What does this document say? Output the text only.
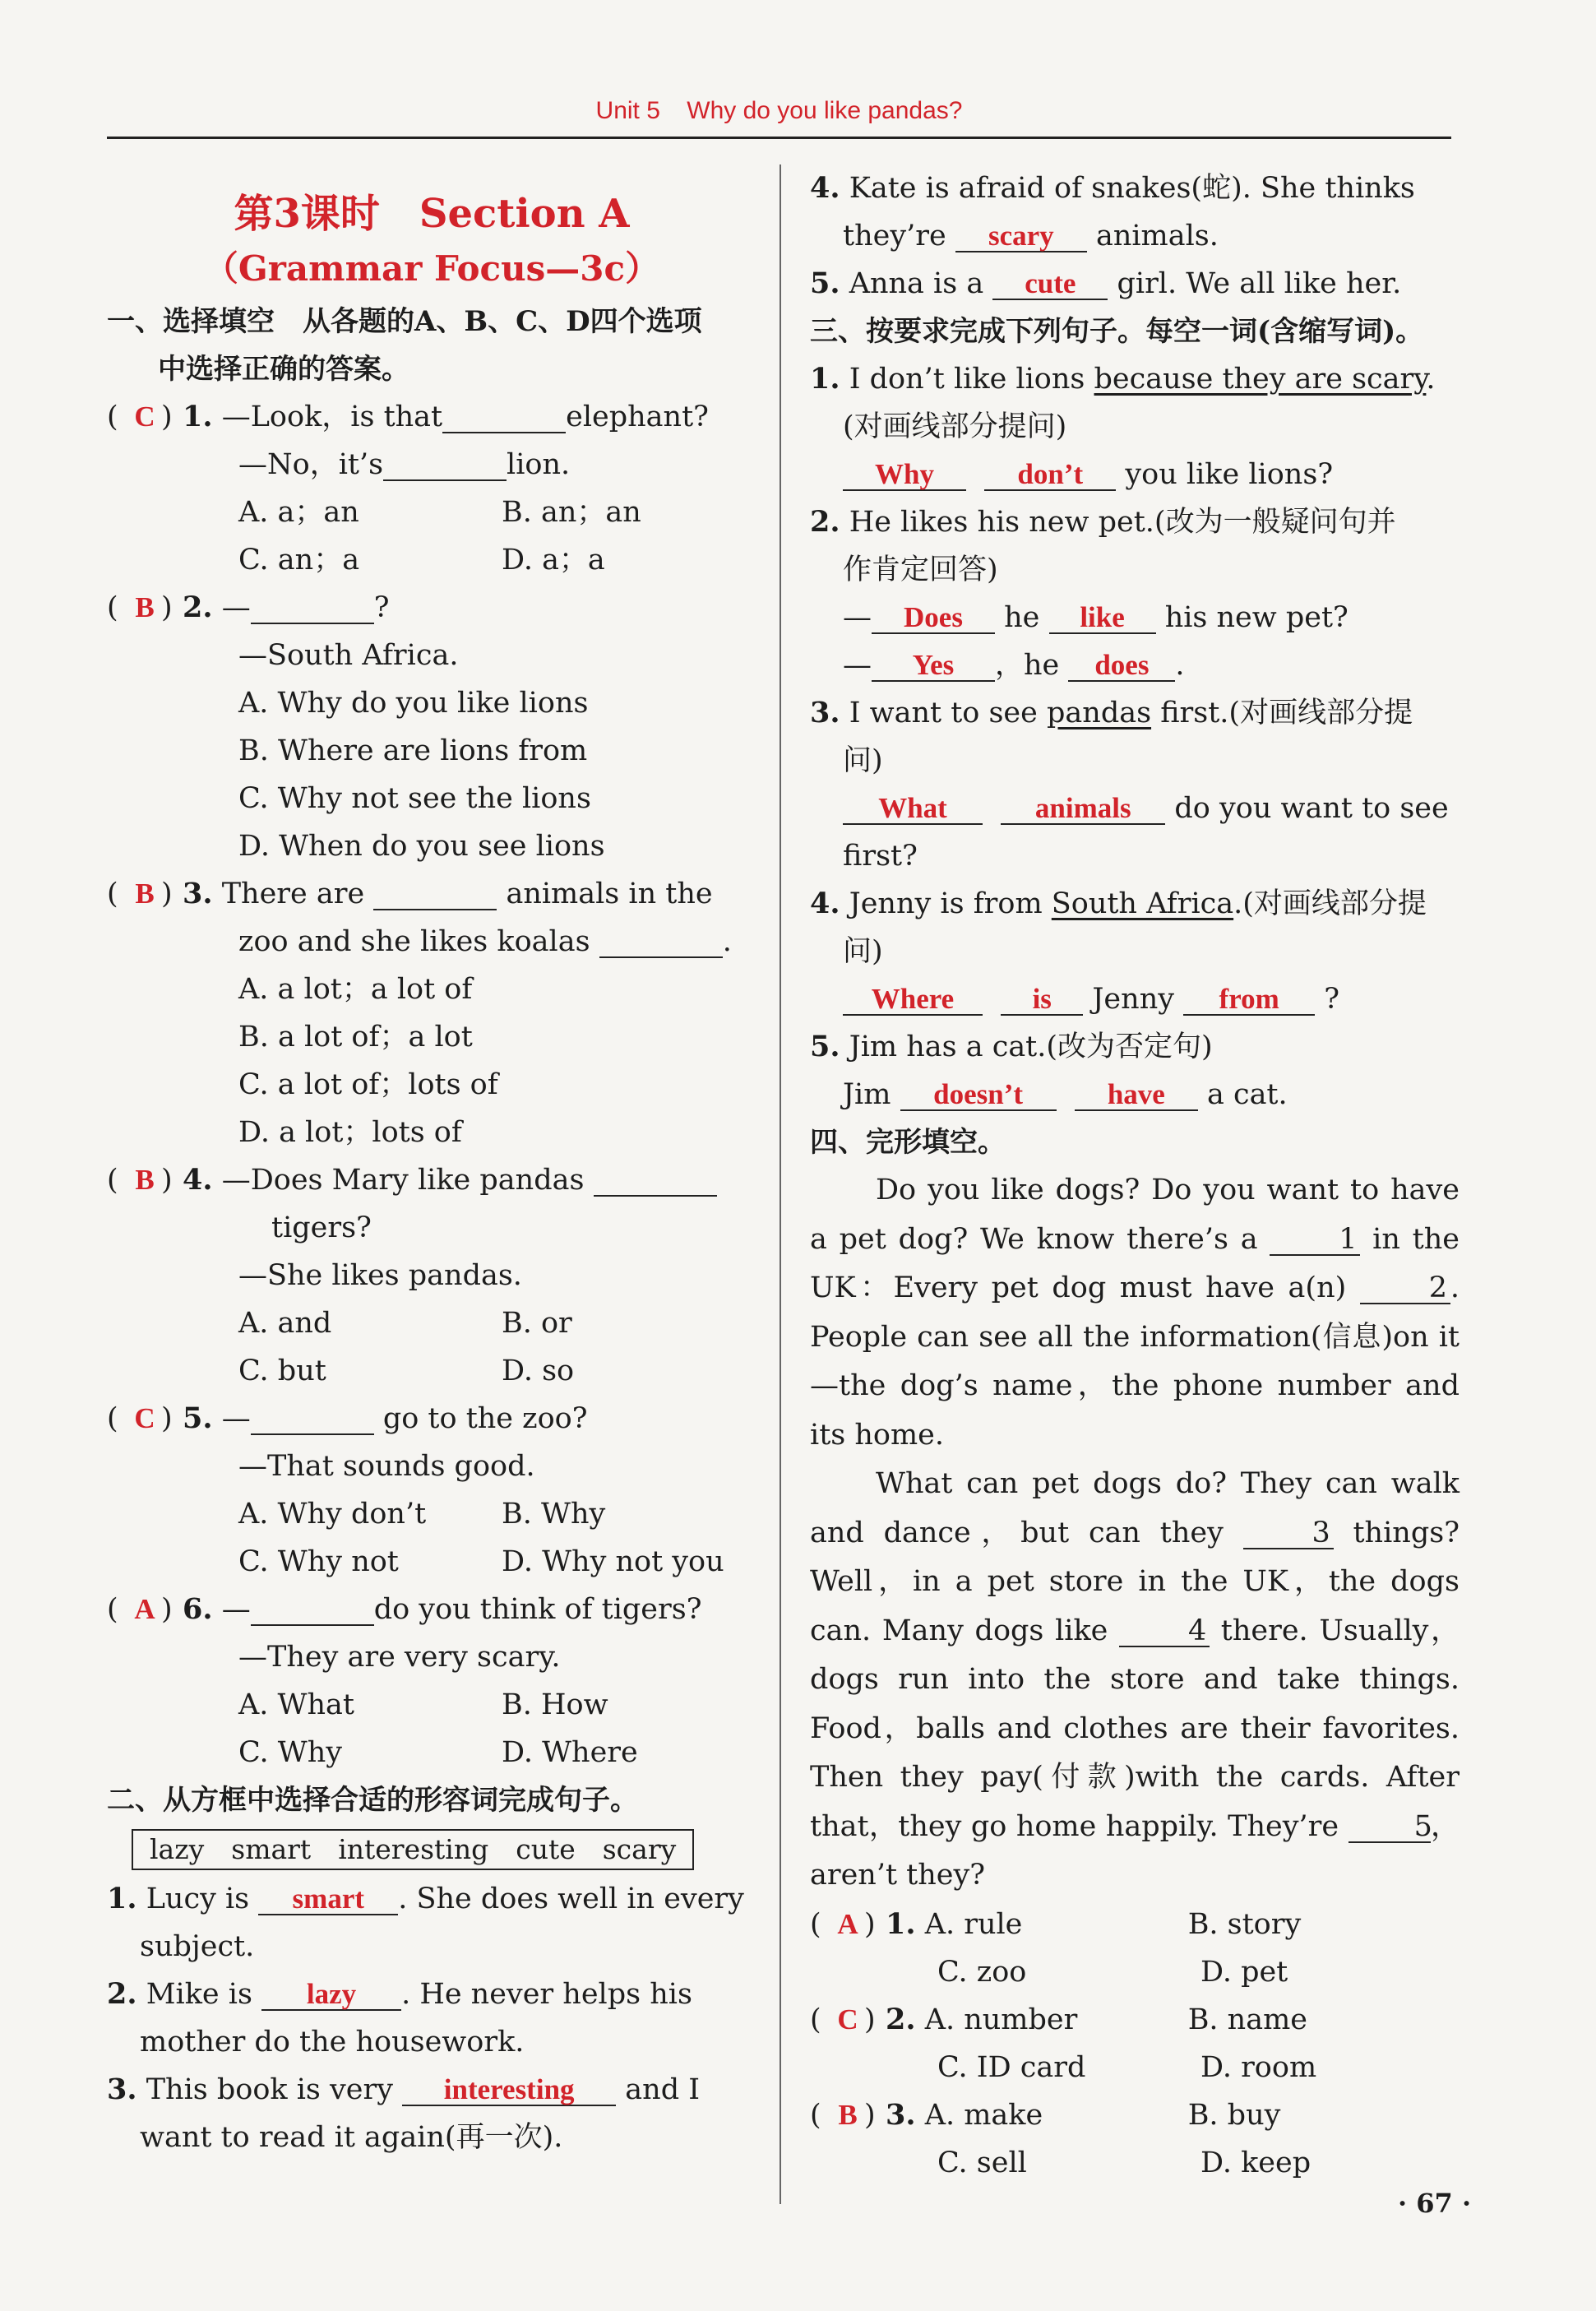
Unit 5 Why do you like pandas?
第3课时　Section A
（Grammar Focus—3c）
一、选择填空　从各题的A、B、C、D四个选项
中选择正确的答案。
( C ) 1. —Look，is that	elephant?
—No，it’s	lion.
A. a；an	B. an；an
C. an；a	D. a；a
( B ) 2. —	?
—South Africa.
A. Why do you like lions
B. Where are lions from
C. Why not see the lions
D. When do you see lions
( B ) 3. There are	animals in the
zoo and she likes koalas	.
A. a lot；a lot of
B. a lot of；a lot
C. a lot of；lots of
D. a lot；lots of
( B ) 4. —Does Mary like pandas
tigers?
—She likes pandas.
A. and	B. or
C. but	D. so
( C ) 5. —	go to the zoo?
—That sounds good.
A. Why don’t	B. Why
C. Why not	D. Why not you
( A ) 6. —	do you think of tigers?
—They are very scary.
A. What	B. How
C. Why	D. Where
二、从方框中选择合适的形容词完成句子。
lazy　smart　interesting　cute　scary
1. Lucy is smart . She does well in every
subject.
2. Mike is lazy . He never helps his
mother do the housework.
3. This book is very interesting and I
want to read it again(再一次).
4. Kate is afraid of snakes(蛇). She thinks
they’re scary animals.
5. Anna is a cute girl. We all like her.
三、按要求完成下列句子。每空一词(含缩写词)。
1. I don’t like lions because they are scary.
(对画线部分提问)
Why	don’t you like lions?
2. He likes his new pet.(改为一般疑问句并
作肯定回答)
— Does he like his new pet?
— Yes ，he does .
3. I want to see pandas first.(对画线部分提
问)
What	animals do you want to see
first?
4. Jenny is from South Africa.(对画线部分提
问)
Where	is Jenny from ?
5. Jim has a cat.(改为否定句)
Jim doesn’t	have a cat.
四、完形填空。
Do you like dogs? Do you want to have a pet dog? We know there’s a	1 in the UK：Every pet dog must have a(n)	2 . People can see all the information(信息)on it—the dog’s name，the phone number and its home.
What can pet dogs do? They can walk and dance，but can they	3 things? Well，in a pet store in the UK，the dogs can. Many dogs like	4 there. Usually，dogs run into the store and take things. Food，balls and clothes are their favorites. Then they pay(付款)with the cards. After that，they go home happily. They’re	5，aren’t they?
( A ) 1. A. rule	B. story
C. zoo	D. pet
( C ) 2. A. number	B. name
C. ID card	D. room
( B ) 3. A. make	B. buy
C. sell	D. keep
· 67 ·
